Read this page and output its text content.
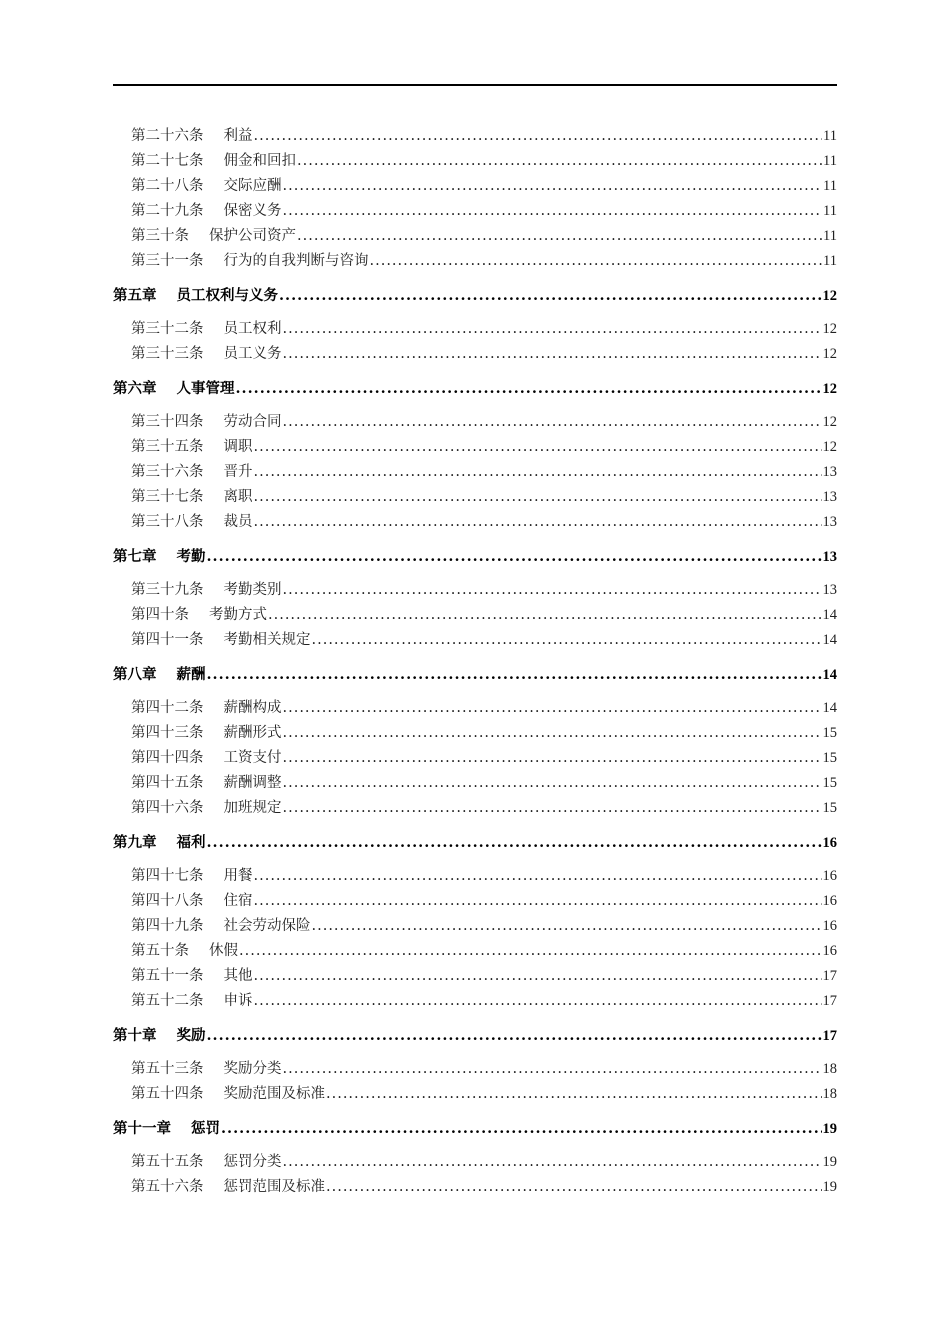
第二十六条 利益 .....	11
第二十七条 佣金和回扣 .....	11
第二十八条 交际应酬 .....	11
第二十九条 保密义务 .....	11
第三十条 保护公司资产 .....	11
第三十一条 行为的自我判断与咨询 .....	11
第五章 员工权利与义务 .....	12
第三十二条 员工权利 .....	12
第三十三条 员工义务 .....	12
第六章 人事管理 .....	12
第三十四条 劳动合同 .....	12
第三十五条 调职 .....	12
第三十六条 晋升 .....	13
第三十七条 离职 .....	13
第三十八条 裁员 .....	13
第七章 考勤 .....	13
第三十九条 考勤类别 .....	13
第四十条 考勤方式 .....	14
第四十一条 考勤相关规定 .....	14
第八章 薪酬 .....	14
第四十二条 薪酬构成 .....	14
第四十三条 薪酬形式 .....	15
第四十四条 工资支付 .....	15
第四十五条 薪酬调整 .....	15
第四十六条 加班规定 .....	15
第九章 福利 .....	16
第四十七条 用餐 .....	16
第四十八条 住宿 .....	16
第四十九条 社会劳动保险 .....	16
第五十条 休假 .....	16
第五十一条 其他 .....	17
第五十二条 申诉 .....	17
第十章 奖励 .....	17
第五十三条 奖励分类 .....	18
第五十四条 奖励范围及标准 .....	18
第十一章 惩罚 .....	19
第五十五条 惩罚分类 .....	19
第五十六条 惩罚范围及标准 .....	19
